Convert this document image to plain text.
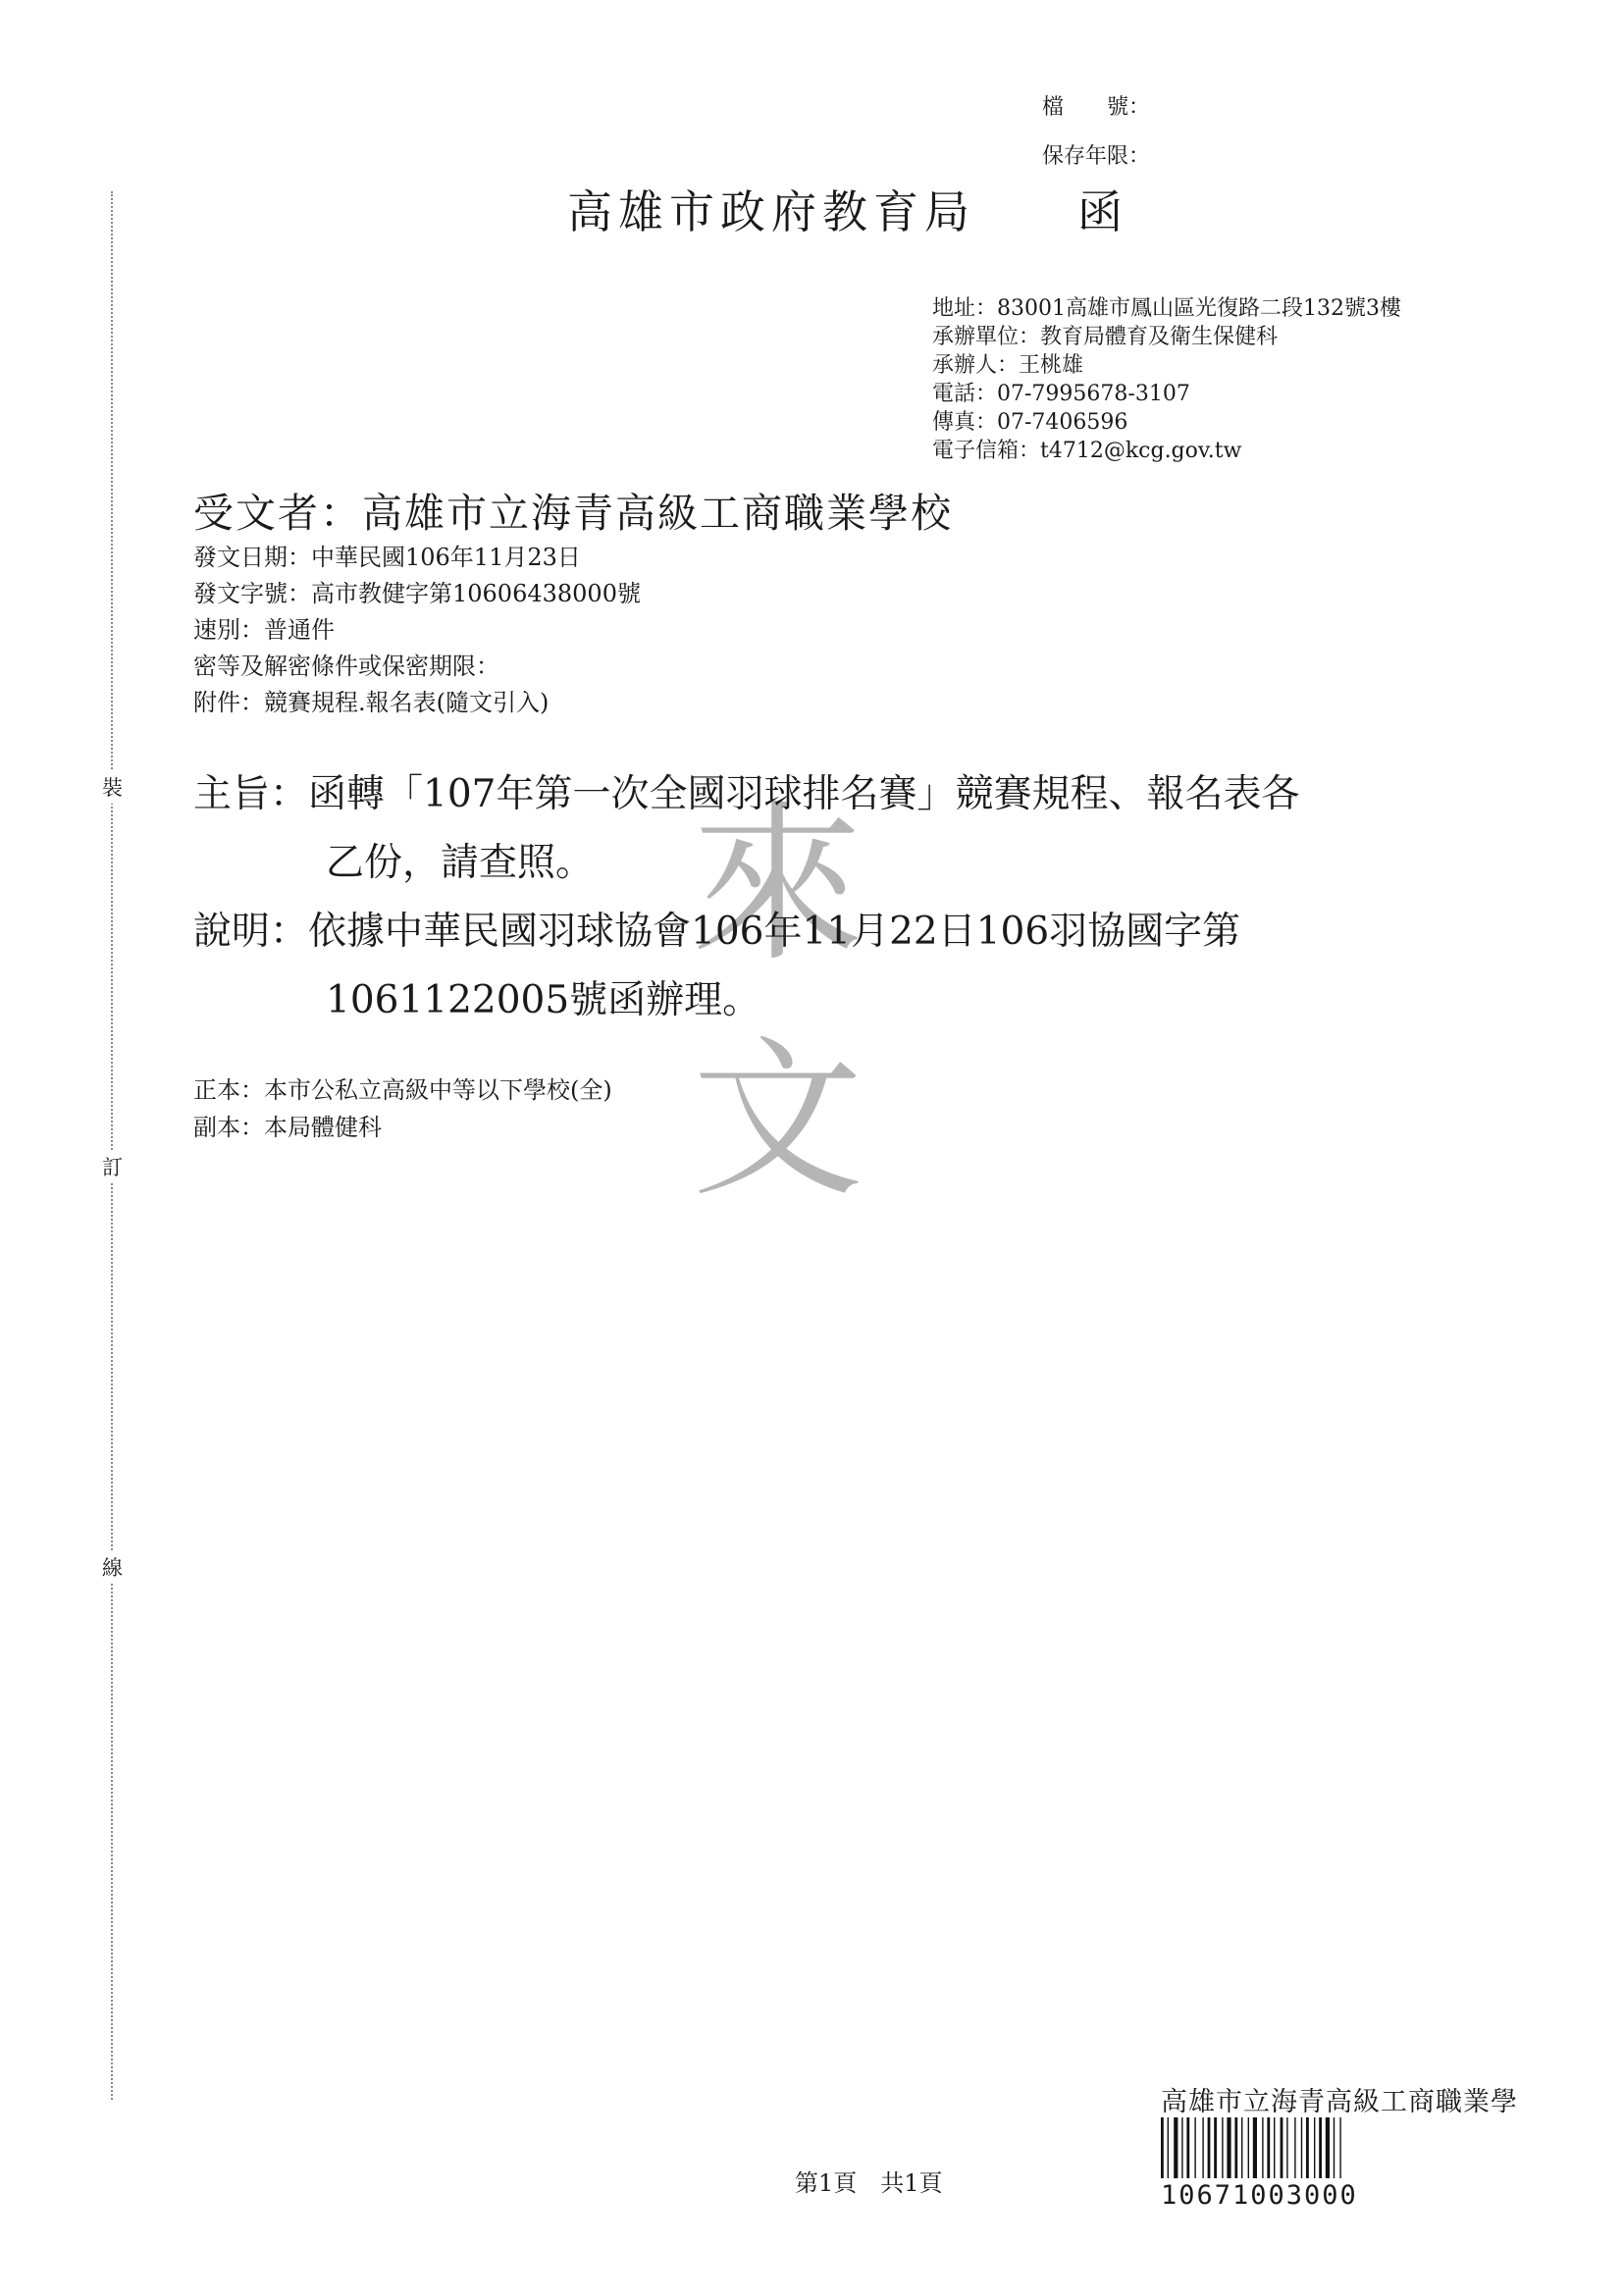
裝
訂
線
檔　　號：
保存年限：
高雄市政府教育局　　函
地址：83001高雄市鳳山區光復路二段132號3樓
承辦單位：教育局體育及衛生保健科
承辦人：王桃雄
電話：07-7995678-3107
傳真：07-7406596
電子信箱：t4712@kcg.gov.tw
受文者：高雄市立海青高級工商職業學校
發文日期：中華民國106年11月23日
發文字號：高市教健字第10606438000號
速別：普通件
密等及解密條件或保密期限：
附件：競賽規程.報名表(隨文引入)
來
文
主旨：函轉「107年第一次全國羽球排名賽」競賽規程、報名表各
乙份，請查照。
說明：依據中華民國羽球協會106年11月22日106羽協國字第
1061122005號函辦理。
正本：本市公私立高級中等以下學校(全)
副本：本局體健科
第1頁　共1頁
高雄市立海青高級工商職業學
10671003000
